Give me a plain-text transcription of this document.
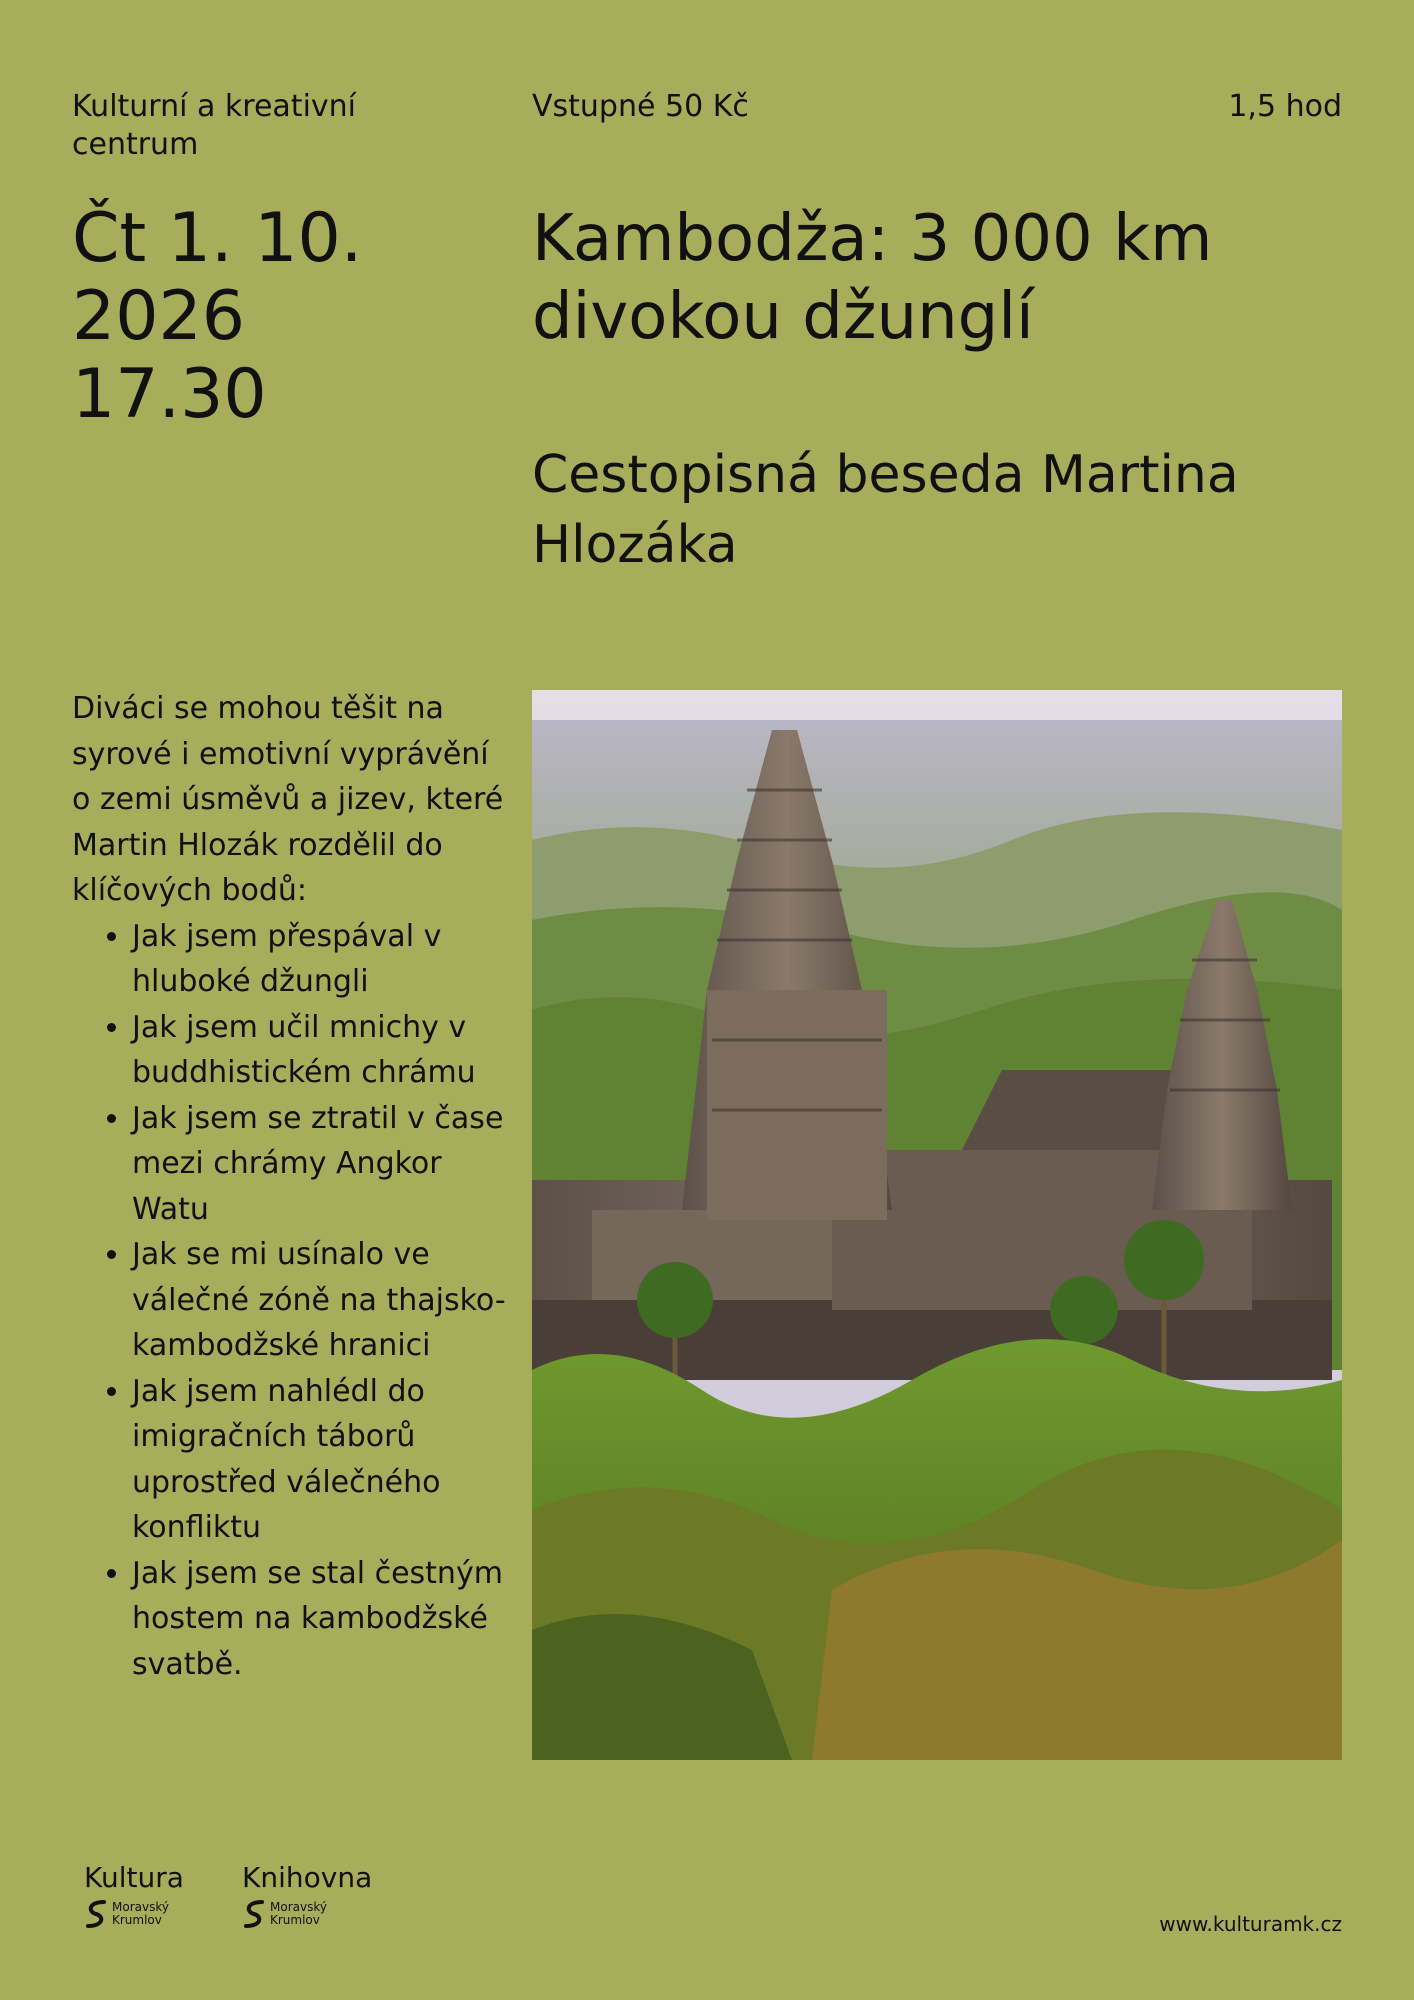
Kulturní a kreativní centrum
Vstupné 50 Kč	1,5 hod
Čt 1. 10.
2026
17.30
Kambodža: 3 000 km divokou džunglí
Cestopisná beseda Martina Hlozáka

Diváci se mohou těšit na syrové i emotivní vyprávění o zemi úsměvů a jizev, které Martin Hlozák rozdělil do klíčových bodů:

• Jak jsem přespával v hluboké džungli
• Jak jsem učil mnichy v buddhistickém chrámu
• Jak jsem se ztratil v čase mezi chrámy Angkor Watu
• Jak se mi usínalo ve válečné zóně na thajsko-kambodžské hranici
• Jak jsem nahlédl do imigračních táborů uprostřed válečného konfliktu
• Jak jsem se stal čestným hostem na kambodžské svatbě.
Kultura
Moravský
Krumlov
Knihovna
Moravský
Krumlov	www.kulturamk.cz
